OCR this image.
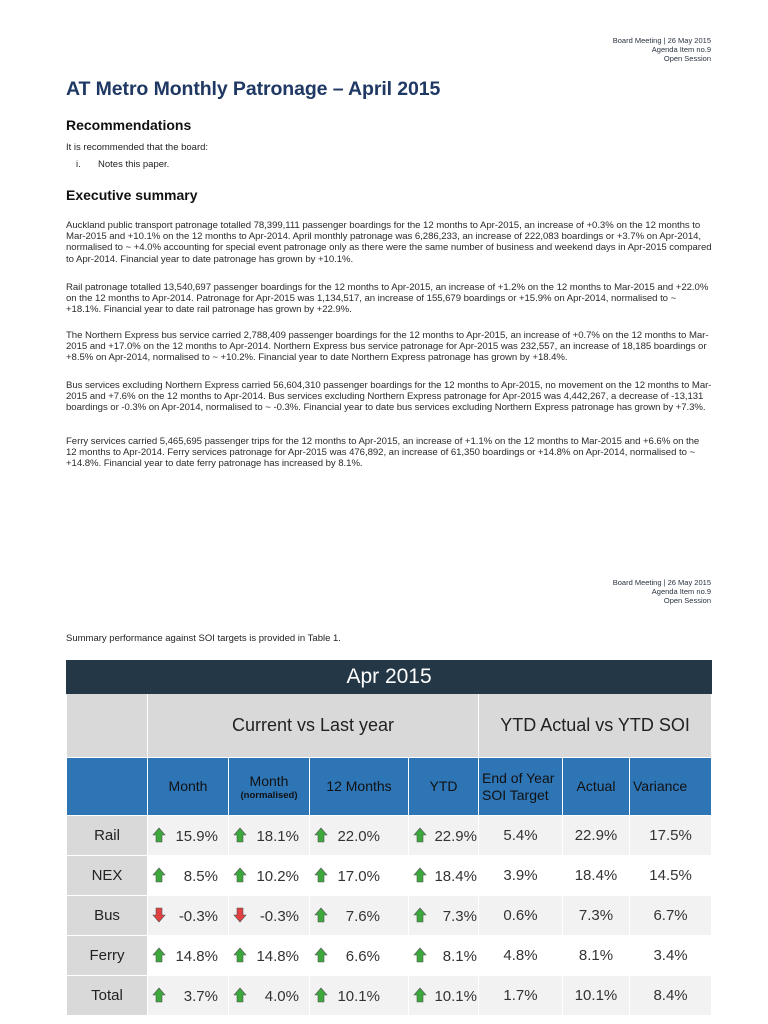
Board Meeting | 26 May 2015
Agenda Item no.9
Open Session
AT Metro Monthly Patronage – April 2015
Recommendations
It is recommended that the board:
i. Notes this paper.
Executive summary

Auckland public transport patronage totalled 78,399,111 passenger boardings for the 12 months to Apr-2015, an increase of +0.3% on the 12 months to Mar-2015 and +10.1% on the 12 months to Apr-2014. April monthly patronage was 6,286,233, an increase of 222,083 boardings or +3.7% on Apr-2014, normalised to ~ +4.0% accounting for special event patronage only as there were the same number of business and weekend days in Apr-2015 compared to Apr-2014. Financial year to date patronage has grown by +10.1%.

Rail patronage totalled 13,540,697 passenger boardings for the 12 months to Apr-2015, an increase of +1.2% on the 12 months to Mar-2015 and +22.0% on the 12 months to Apr-2014. Patronage for Apr-2015 was 1,134,517, an increase of 155,679 boardings or +15.9% on Apr-2014, normalised to ~ +18.1%. Financial year to date rail patronage has grown by +22.9%.

The Northern Express bus service carried 2,788,409 passenger boardings for the 12 months to Apr-2015, an increase of +0.7% on the 12 months to Mar-2015 and +17.0% on the 12 months to Apr-2014. Northern Express bus service patronage for Apr-2015 was 232,557, an increase of 18,185 boardings or +8.5% on Apr-2014, normalised to ~ +10.2%. Financial year to date Northern Express patronage has grown by +18.4%.

Bus services excluding Northern Express carried 56,604,310 passenger boardings for the 12 months to Apr-2015, no movement on the 12 months to Mar-2015 and +7.6% on the 12 months to Apr-2014. Bus services excluding Northern Express patronage for Apr-2015 was 4,442,267, a decrease of -13,131 boardings or -0.3% on Apr-2014, normalised to ~ -0.3%. Financial year to date bus services excluding Northern Express patronage has grown by +7.3%.

Ferry services carried 5,465,695 passenger trips for the 12 months to Apr-2015, an increase of +1.1% on the 12 months to Mar-2015 and +6.6% on the 12 months to Apr-2014. Ferry services patronage for Apr-2015 was 476,892, an increase of 61,350 boardings or +14.8% on Apr-2014, normalised to ~ +14.8%. Financial year to date ferry patronage has increased by 8.1%.

Board Meeting | 26 May 2015
Agenda Item no.9
Open Session
Summary performance against SOI targets is provided in Table 1.
Apr 2015							
	Current vs Last year				YTD Actual vs YTD SOI		
	Month	Month
(normalised)	12 Months	YTD	End of Year SOI Target	Actual	Variance
Rail	15.9%	18.1%	22.0%	22.9%	5.4%	22.9%	17.5%
NEX	8.5%	10.2%	17.0%	18.4%	3.9%	18.4%	14.5%
Bus	-0.3%	-0.3%	7.6%	7.3%	0.6%	7.3%	6.7%
Ferry	14.8%	14.8%	6.6%	8.1%	4.8%	8.1%	3.4%
Total	3.7%	4.0%	10.1%	10.1%	1.7%	10.1%	8.4%
